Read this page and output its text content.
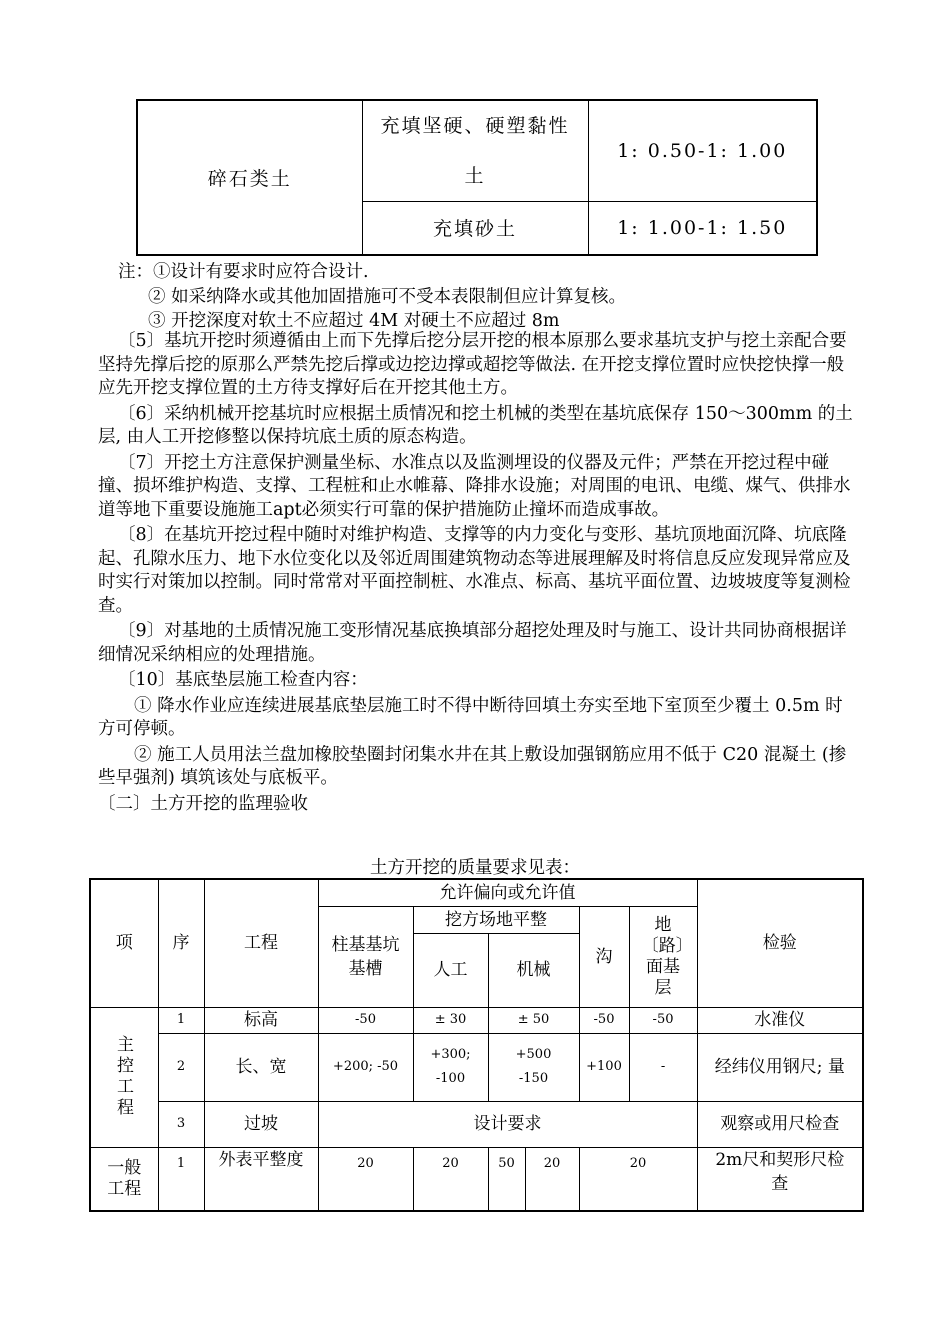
碎石类土	充填坚硬、硬塑黏性土	1: 0.50-1: 1.00
	充填砂土	1: 1.00-1: 1.50
注：①设计有要求时应符合设计.
② 如采纳降水或其他加固措施可不受本表限制但应计算复核。
③ 开挖深度对软土不应超过 4M 对硬土不应超过 8m

〔5〕基坑开挖时须遵循由上而下先撑后挖分层开挖的根本原那么要求基坑支护与挖土亲配合要坚持先撑后挖的原那么严禁先挖后撑或边挖边撑或超挖等做法. 在开挖支撑位置时应快挖快撑一般应先开挖支撑位置的土方待支撑好后在开挖其他土方。

〔6〕采纳机械开挖基坑时应根据土质情况和挖土机械的类型在基坑底保存 150～300mm 的土层, 由人工开挖修整以保持坑底土质的原态构造。

〔7〕开挖土方注意保护测量坐标、水准点以及监测埋设的仪器及元件；严禁在开挖过程中碰撞、损坏维护构造、支撑、工程桩和止水帷幕、降排水设施；对周围的电讯、电缆、煤气、供排水道等地下重要设施施工apt必须实行可靠的保护措施防止撞坏而造成事故。

〔8〕在基坑开挖过程中随时对维护构造、支撑等的内力变化与变形、基坑顶地面沉降、坑底隆起、孔隙水压力、地下水位变化以及邻近周围建筑物动态等进展理解及时将信息反应发现异常应及时实行对策加以控制。同时常常对平面控制桩、水准点、标高、基坑平面位置、边坡坡度等复测检查。

〔9〕对基地的土质情况施工变形情况基底换填部分超挖处理及时与施工、设计共同协商根据详细情况采纳相应的处理措施。

〔10〕基底垫层施工检查内容：

① 降水作业应连续进展基底垫层施工时不得中断待回填土夯实至地下室顶至少覆土 0.5m 时方可停顿。

② 施工人员用法兰盘加橡胶垫圈封闭集水井在其上敷设加强钢筋应用不低于 C20 混凝土 (掺些早强剂) 填筑该处与底板平。

〔二〕土方开挖的监理验收

土方开挖的质量要求见表：
项	序	工程	允许偏向或允许值						检验
			柱基基坑基槽	挖方场地平整			沟	地〔路〕面基层	
				人工	机械				
主控工程	1	标高	-50	± 30	± 50		-50	-50	水准仪
	2	长、宽	+200; -50	+300; -100	+500 -150		+100	-	经纬仪用钢尺; 量
	3	过坡	设计要求						观察或用尺检查
一般工程	1	外表平整度	20	20	50	20	20		2m尺和契形尺检查
